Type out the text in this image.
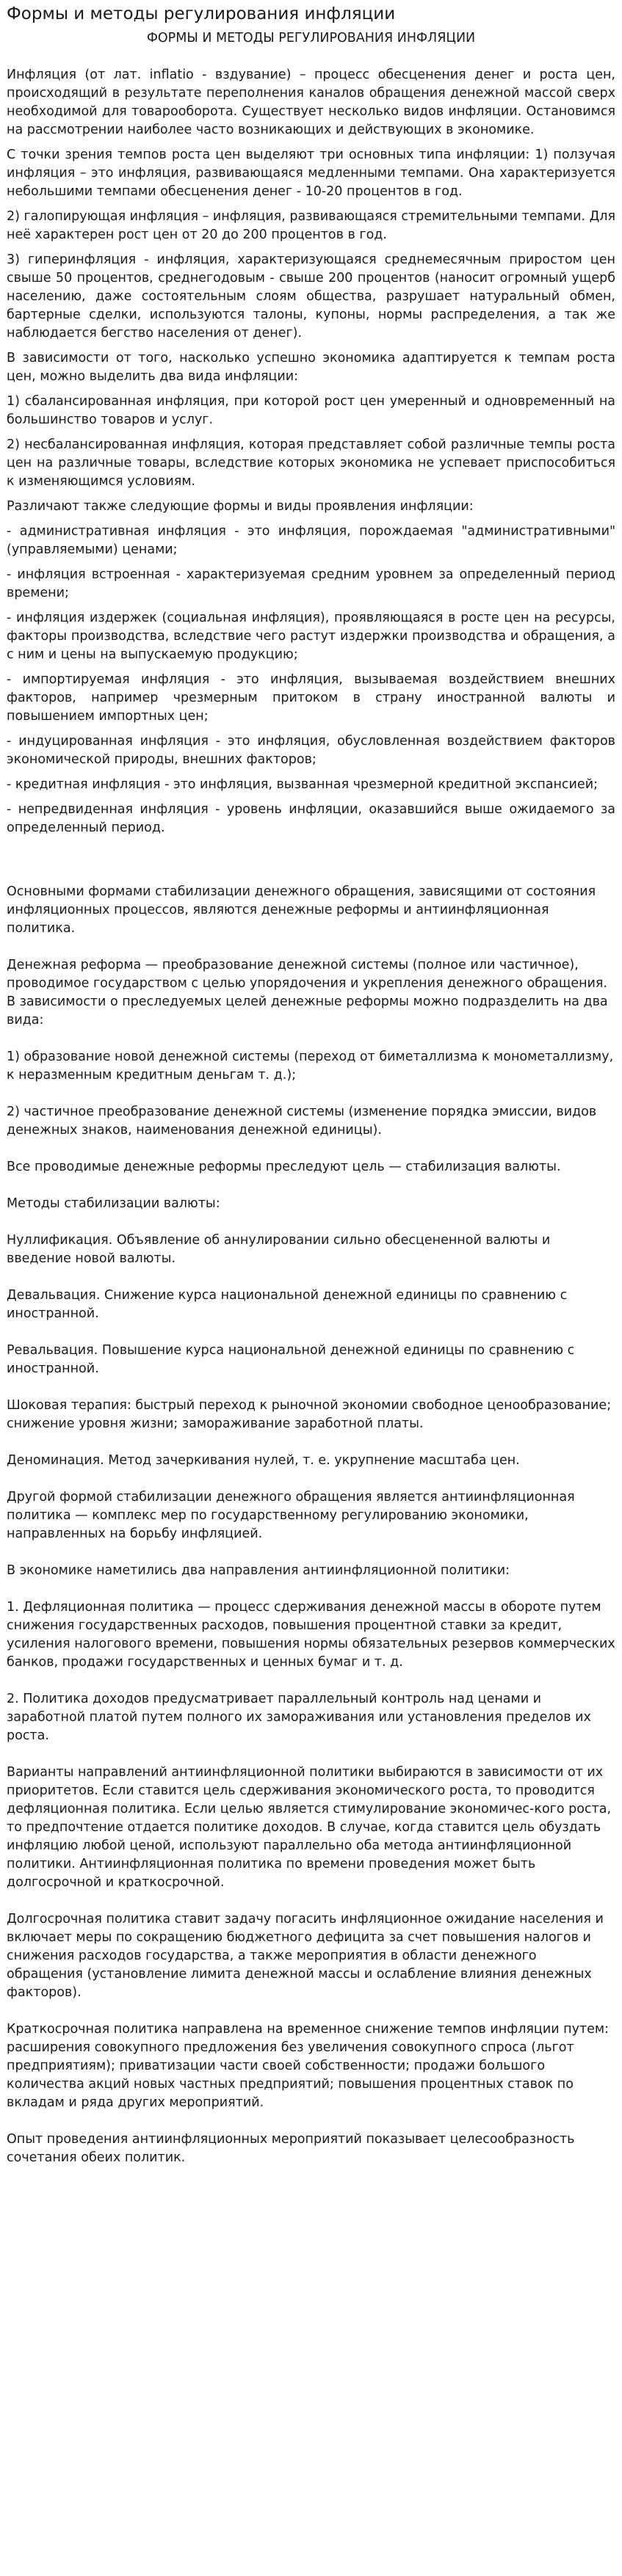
Формы и методы регулирования инфляции
ФОРМЫ И МЕТОДЫ РЕГУЛИРОВАНИЯ ИНФЛЯЦИИ

Инфляция (от лат. inflatio - вздувание) – процесс обесценения денег и роста цен, происходящий в результате переполнения каналов обращения денежной массой сверх необходимой для товарооборота. Существует несколько видов инфляции. Остановимся на рассмотрении наиболее часто возникающих и действующих в экономике.

С точки зрения темпов роста цен выделяют три основных типа инфляции: 1) ползучая инфляция – это инфляция, развивающаяся медленными темпами. Она характеризуется небольшими темпами обесценения денег - 10-20 процентов в год.

2) галопирующая инфляция – инфляция, развивающаяся стремительными темпами. Для неё характерен рост цен от 20 до 200 процентов в год.

3) гиперинфляция - инфляция, характеризующаяся среднемесячным приростом цен свыше 50 процентов, среднегодовым - свыше 200 процентов (наносит огромный ущерб населению, даже состоятельным слоям общества, разрушает натуральный обмен, бартерные сделки, используются талоны, купоны, нормы распределения, а так же наблюдается бегство населения от денег).

В зависимости от того, насколько успешно экономика адаптируется к темпам роста цен, можно выделить два вида инфляции:

1) сбалансированная инфляция, при которой рост цен умеренный и одновременный на большинство товаров и услуг.

2) несбалансированная инфляция, которая представляет собой различные темпы роста цен на различные товары, вследствие которых экономика не успевает приспособиться к изменяющимся условиям.

Различают также следующие формы и виды проявления инфляции:

- административная инфляция - это инфляция, порождаемая "административными" (управляемыми) ценами;

- инфляция встроенная - характеризуемая средним уровнем за определенный период времени;

- инфляция издержек (социальная инфляция), проявляющаяся в росте цен на ресурсы, факторы производства, вследствие чего растут издержки производства и обращения, а с ним и цены на выпускаемую продукцию;

- импортируемая инфляция - это инфляция, вызываемая воздействием внешних факторов, например чрезмерным притоком в страну иностранной валюты и повышением импортных цен;

- индуцированная инфляция - это инфляция, обусловленная воздействием факторов экономической природы, внешних факторов;

- кредитная инфляция - это инфляция, вызванная чрезмерной кредитной экспансией;

- непредвиденная инфляция - уровень инфляции, оказавшийся выше ожидаемого за определенный период.

Основными формами стабилизации денежного обращения, зависящими от состояния инфляционных процессов, являются денежные реформы и антиинфляционная политика.

Денежная реформа — преобразование денежной системы (полное или частичное), проводимое государством с целью упорядочения и укрепления денежного обращения. В зависимости о преследуемых целей денежные реформы можно подразделить на два вида:

1) образование новой денежной системы (переход от биметаллизма к монометаллизму, к неразменным кредитным деньгам т. д.);

2) частичное преобразование денежной системы (изменение порядка эмиссии, видов денежных знаков, наименования денежной единицы).

Все проводимые денежные реформы преследуют цель — стабилизация валюты.

Методы стабилизации валюты:

Нуллификация. Объявление об аннулировании сильно обесцененной валюты и введение новой валюты.

Девальвация. Снижение курса национальной денежной единицы по сравнению с иностранной.

Ревальвация. Повышение курса национальной денежной единицы по сравнению с иностранной.

Шоковая терапия: быстрый переход к рыночной экономии свободное ценообразование; снижение уровня жизни; замораживание заработной платы.

Деноминация. Метод зачеркивания нулей, т. е. укрупнение масштаба цен.

Другой формой стабилизации денежного обращения является антиинфляционная политика — комплекс мер по государственному регулированию экономики, направленных на борьбу инфляцией.

В экономике наметились два направления антиинфляционной политики:

1. Дефляционная политика — процесс сдерживания денежной массы в обороте путем снижения государственных расходов, повышения процентной ставки за кредит, усиления налогового времени, повышения нормы обязательных резервов коммерческих банков, продажи государственных и ценных бумаг и т. д.

2. Политика доходов предусматривает параллельный контроль над ценами и заработной платой путем полного их замораживания или установления пределов их роста.

Варианты направлений антиинфляционной политики выбираются в зависимости от их приоритетов. Если ставится цель сдерживания экономического роста, то проводится дефляционная политика. Если целью является стимулирование экономичес-кого роста, то предпочтение отдается политике доходов. В случае, когда ставится цель обуздать инфляцию любой ценой, используют параллельно оба метода антиинфляционной политики. Антиинфляционная политика по времени проведения может быть долгосрочной и краткосрочной.

Долгосрочная политика ставит задачу погасить инфляционное ожидание населения и включает меры по сокращению бюджетного дефицита за счет повышения налогов и снижения расходов государства, а также мероприятия в области денежного обращения (установление лимита денежной массы и ослабление влияния денежных факторов).

Краткосрочная политика направлена на временное снижение темпов инфляции путем: расширения совокупного предложения без увеличения совокупного спроса (льгот предприятиям); приватизации части своей собственности; продажи большого количества акций новых частных предприятий; повышения процентных ставок по вкладам и ряда других мероприятий.

Опыт проведения антиинфляционных мероприятий показывает целесообразность сочетания обеих политик.
